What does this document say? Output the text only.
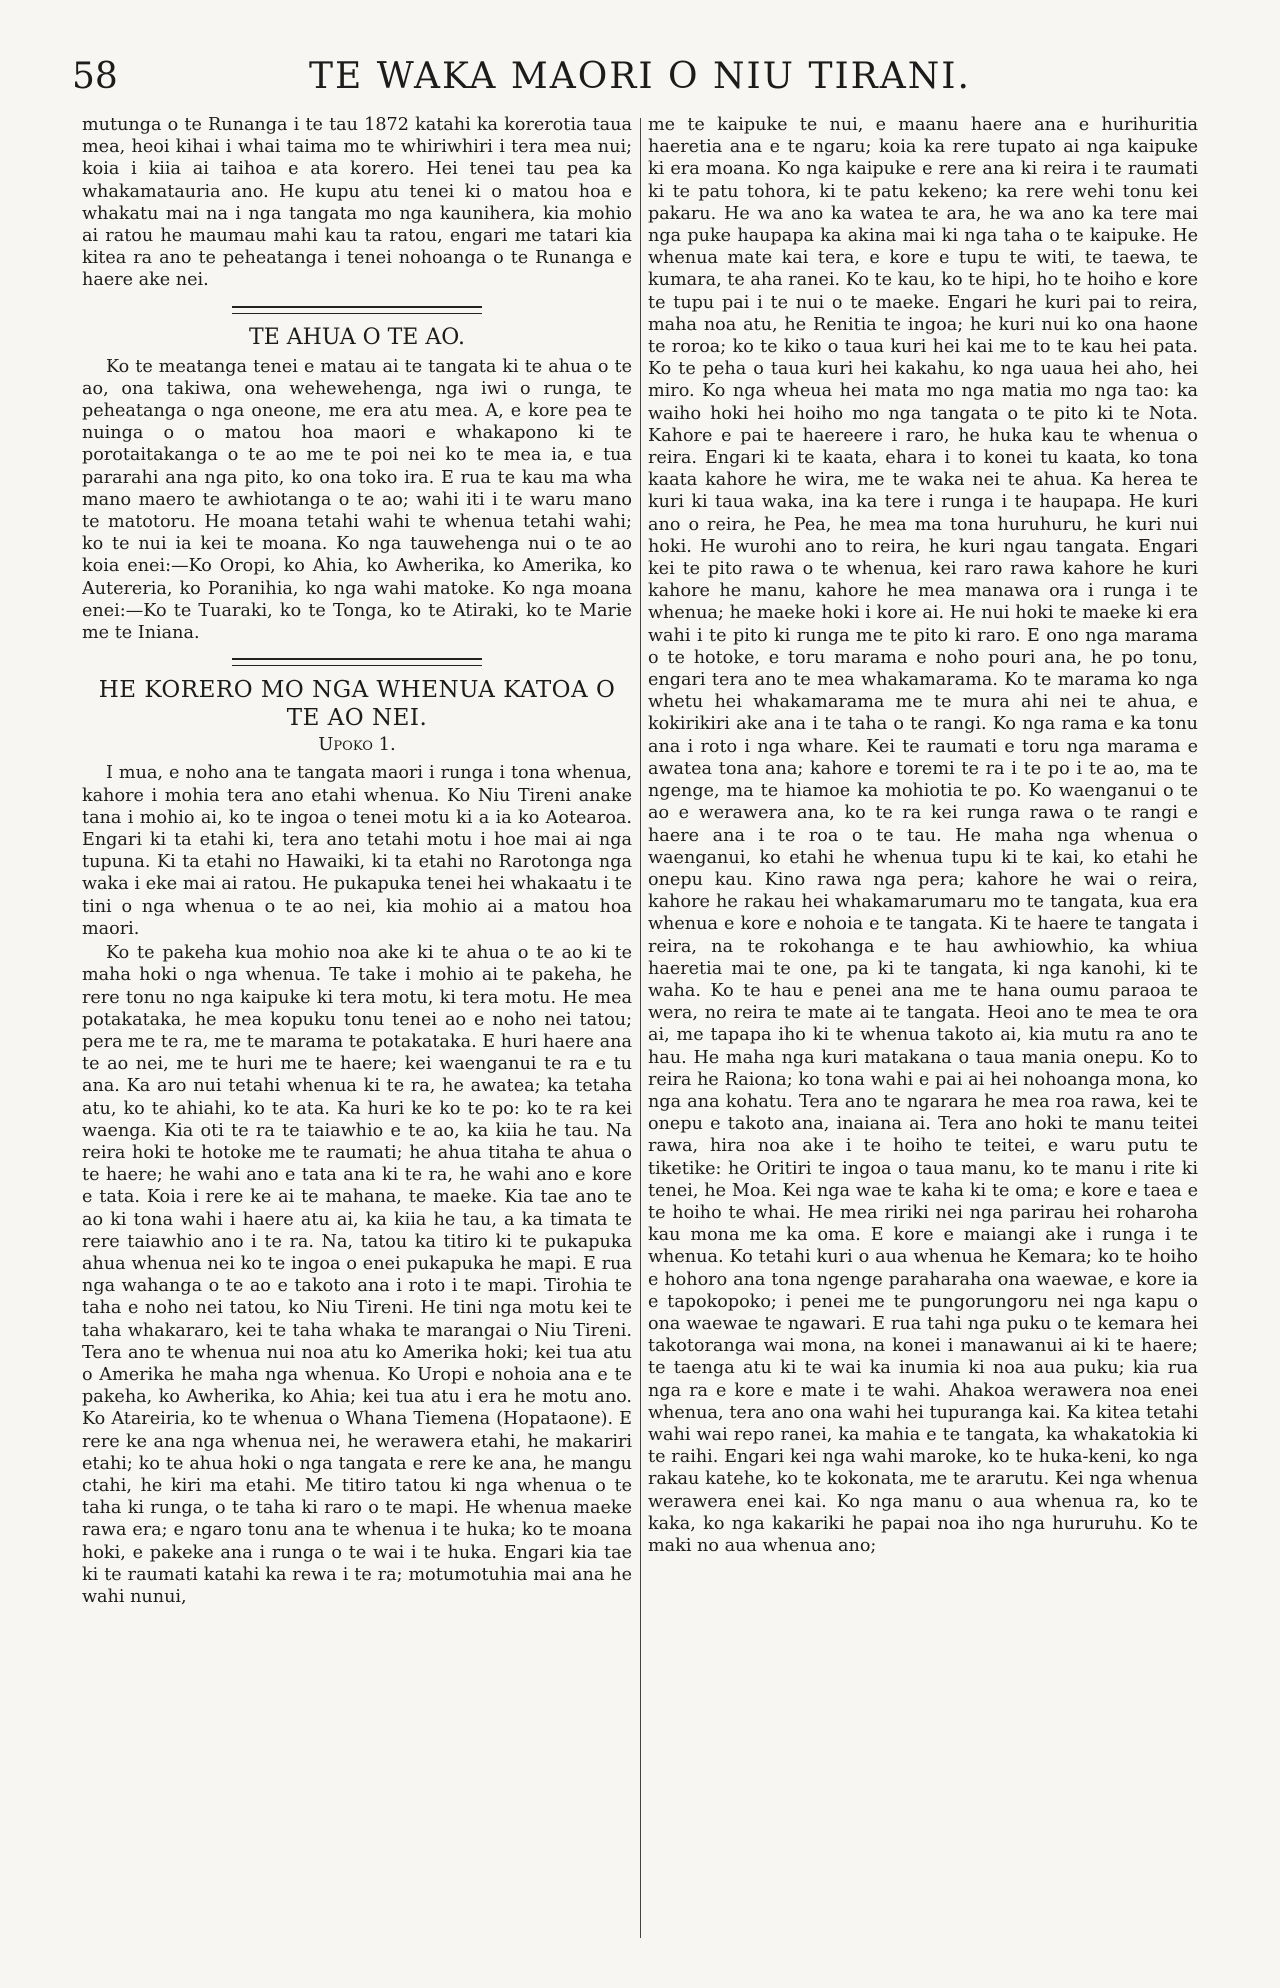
58	TE WAKA MAORI O NIU TIRANI.

mutunga o te Runanga i te tau 1872 katahi ka korerotia taua mea, heoi kihai i whai taima mo te whiriwhiri i tera mea nui; koia i kiia ai taihoa e ata korero. Hei tenei tau pea ka whakamatauria ano. He kupu atu tenei ki o matou hoa e whakatu mai na i nga tangata mo nga kaunihera, kia mohio ai ratou he maumau mahi kau ta ratou, engari me tatari kia kitea ra ano te peheatanga i tenei nohoanga o te Runanga e haere ake nei.

TE AHUA O TE AO.

Ko te meatanga tenei e matau ai te tangata ki te ahua o te ao, ona takiwa, ona wehewehenga, nga iwi o runga, te peheatanga o nga oneone, me era atu mea. A, e kore pea te nuinga o o matou hoa maori e whakapono ki te porotaitakanga o te ao me te poi nei ko te mea ia, e tua pararahi ana nga pito, ko ona toko ira. E rua te kau ma wha mano maero te awhiotanga o te ao; wahi iti i te waru mano te matotoru. He moana tetahi wahi te whenua tetahi wahi; ko te nui ia kei te moana. Ko nga tauwehenga nui o te ao koia enei:—Ko Oropi, ko Ahia, ko Awherika, ko Amerika, ko Autereria, ko Poranihia, ko nga wahi matoke. Ko nga moana enei:—Ko te Tuaraki, ko te Tonga, ko te Atiraki, ko te Marie me te Iniana.

HE KORERO MO NGA WHENUA KATOA O TE AO NEI.
Upoko 1.

I mua, e noho ana te tangata maori i runga i tona whenua, kahore i mohia tera ano etahi whenua. Ko Niu Tireni anake tana i mohio ai, ko te ingoa o tenei motu ki a ia ko Aotearoa. Engari ki ta etahi ki, tera ano tetahi motu i hoe mai ai nga tupuna. Ki ta etahi no Hawaiki, ki ta etahi no Rarotonga nga waka i eke mai ai ratou. He pukapuka tenei hei whakaatu i te tini o nga whenua o te ao nei, kia mohio ai a matou hoa maori.

Ko te pakeha kua mohio noa ake ki te ahua o te ao ki te maha hoki o nga whenua. Te take i mohio ai te pakeha, he rere tonu no nga kaipuke ki tera motu, ki tera motu. He mea potakataka, he mea kopuku tonu tenei ao e noho nei tatou; pera me te ra, me te marama te potakataka. E huri haere ana te ao nei, me te huri me te haere; kei waenganui te ra e tu ana. Ka aro nui tetahi whenua ki te ra, he awatea; ka tetaha atu, ko te ahiahi, ko te ata. Ka huri ke ko te po: ko te ra kei waenga. Kia oti te ra te taiawhio e te ao, ka kiia he tau. Na reira hoki te hotoke me te raumati; he ahua titaha te ahua o te haere; he wahi ano e tata ana ki te ra, he wahi ano e kore e tata. Koia i rere ke ai te mahana, te maeke. Kia tae ano te ao ki tona wahi i haere atu ai, ka kiia he tau, a ka timata te rere taiawhio ano i te ra. Na, tatou ka titiro ki te pukapuka ahua whenua nei ko te ingoa o enei pukapuka he mapi. E rua nga wahanga o te ao e takoto ana i roto i te mapi. Tirohia te taha e noho nei tatou, ko Niu Tireni. He tini nga motu kei te taha whakararo, kei te taha whaka te marangai o Niu Tireni. Tera ano te whenua nui noa atu ko Amerika hoki; kei tua atu o Amerika he maha nga whenua. Ko Uropi e nohoia ana e te pakeha, ko Awherika, ko Ahia; kei tua atu i era he motu ano. Ko Atareiria, ko te whenua o Whana Tiemena (Hopataone). E rere ke ana nga whenua nei, he werawera etahi, he makariri etahi; ko te ahua hoki o nga tangata e rere ke ana, he mangu ctahi, he kiri ma etahi. Me titiro tatou ki nga whenua o te taha ki runga, o te taha ki raro o te mapi. He whenua maeke rawa era; e ngaro tonu ana te whenua i te huka; ko te moana hoki, e pakeke ana i runga o te wai i te huka. Engari kia tae ki te raumati katahi ka rewa i te ra; motumotuhia mai ana he wahi nunui,

me te kaipuke te nui, e maanu haere ana e hurihuritia haeretia ana e te ngaru; koia ka rere tupato ai nga kaipuke ki era moana. Ko nga kaipuke e rere ana ki reira i te raumati ki te patu tohora, ki te patu kekeno; ka rere wehi tonu kei pakaru. He wa ano ka watea te ara, he wa ano ka tere mai nga puke haupapa ka akina mai ki nga taha o te kaipuke. He whenua mate kai tera, e kore e tupu te witi, te taewa, te kumara, te aha ranei. Ko te kau, ko te hipi, ho te hoiho e kore te tupu pai i te nui o te maeke. Engari he kuri pai to reira, maha noa atu, he Renitia te ingoa; he kuri nui ko ona haone te roroa; ko te kiko o taua kuri hei kai me to te kau hei pata. Ko te peha o taua kuri hei kakahu, ko nga uaua hei aho, hei miro. Ko nga wheua hei mata mo nga matia mo nga tao: ka waiho hoki hei hoiho mo nga tangata o te pito ki te Nota. Kahore e pai te haereere i raro, he huka kau te whenua o reira. Engari ki te kaata, ehara i to konei tu kaata, ko tona kaata kahore he wira, me te waka nei te ahua. Ka herea te kuri ki taua waka, ina ka tere i runga i te haupapa. He kuri ano o reira, he Pea, he mea ma tona huruhuru, he kuri nui hoki. He wurohi ano to reira, he kuri ngau tangata. Engari kei te pito rawa o te whenua, kei raro rawa kahore he kuri kahore he manu, kahore he mea manawa ora i runga i te whenua; he maeke hoki i kore ai. He nui hoki te maeke ki era wahi i te pito ki runga me te pito ki raro. E ono nga marama o te hotoke, e toru marama e noho pouri ana, he po tonu, engari tera ano te mea whakamarama. Ko te marama ko nga whetu hei whakamarama me te mura ahi nei te ahua, e kokirikiri ake ana i te taha o te rangi. Ko nga rama e ka tonu ana i roto i nga whare. Kei te raumati e toru nga marama e awatea tona ana; kahore e toremi te ra i te po i te ao, ma te ngenge, ma te hiamoe ka mohiotia te po. Ko waenganui o te ao e werawera ana, ko te ra kei runga rawa o te rangi e haere ana i te roa o te tau. He maha nga whenua o waenganui, ko etahi he whenua tupu ki te kai, ko etahi he onepu kau. Kino rawa nga pera; kahore he wai o reira, kahore he rakau hei whakamarumaru mo te tangata, kua era whenua e kore e nohoia e te tangata. Ki te haere te tangata i reira, na te rokohanga e te hau awhiowhio, ka whiua haeretia mai te one, pa ki te tangata, ki nga kanohi, ki te waha. Ko te hau e penei ana me te hana oumu paraoa te wera, no reira te mate ai te tangata. Heoi ano te mea te ora ai, me tapapa iho ki te whenua takoto ai, kia mutu ra ano te hau. He maha nga kuri matakana o taua mania onepu. Ko to reira he Raiona; ko tona wahi e pai ai hei nohoanga mona, ko nga ana kohatu. Tera ano te ngarara he mea roa rawa, kei te onepu e takoto ana, inaiana ai. Tera ano hoki te manu teitei rawa, hira noa ake i te hoiho te teitei, e waru putu te tiketike: he Oritiri te ingoa o taua manu, ko te manu i rite ki tenei, he Moa. Kei nga wae te kaha ki te oma; e kore e taea e te hoiho te whai. He mea ririki nei nga parirau hei roharoha kau mona me ka oma. E kore e maiangi ake i runga i te whenua. Ko tetahi kuri o aua whenua he Kemara; ko te hoiho e hohoro ana tona ngenge paraharaha ona waewae, e kore ia e tapokopoko; i penei me te pungorungoru nei nga kapu o ona waewae te ngawari. E rua tahi nga puku o te kemara hei takotoranga wai mona, na konei i manawanui ai ki te haere; te taenga atu ki te wai ka inumia ki noa aua puku; kia rua nga ra e kore e mate i te wahi. Ahakoa werawera noa enei whenua, tera ano ona wahi hei tupuranga kai. Ka kitea tetahi wahi wai repo ranei, ka mahia e te tangata, ka whakatokia ki te raihi. Engari kei nga wahi maroke, ko te huka-keni, ko nga rakau katehe, ko te kokonata, me te ararutu. Kei nga whenua werawera enei kai. Ko nga manu o aua whenua ra, ko te kaka, ko nga kakariki he papai noa iho nga hururuhu. Ko te maki no aua whenua ano;
